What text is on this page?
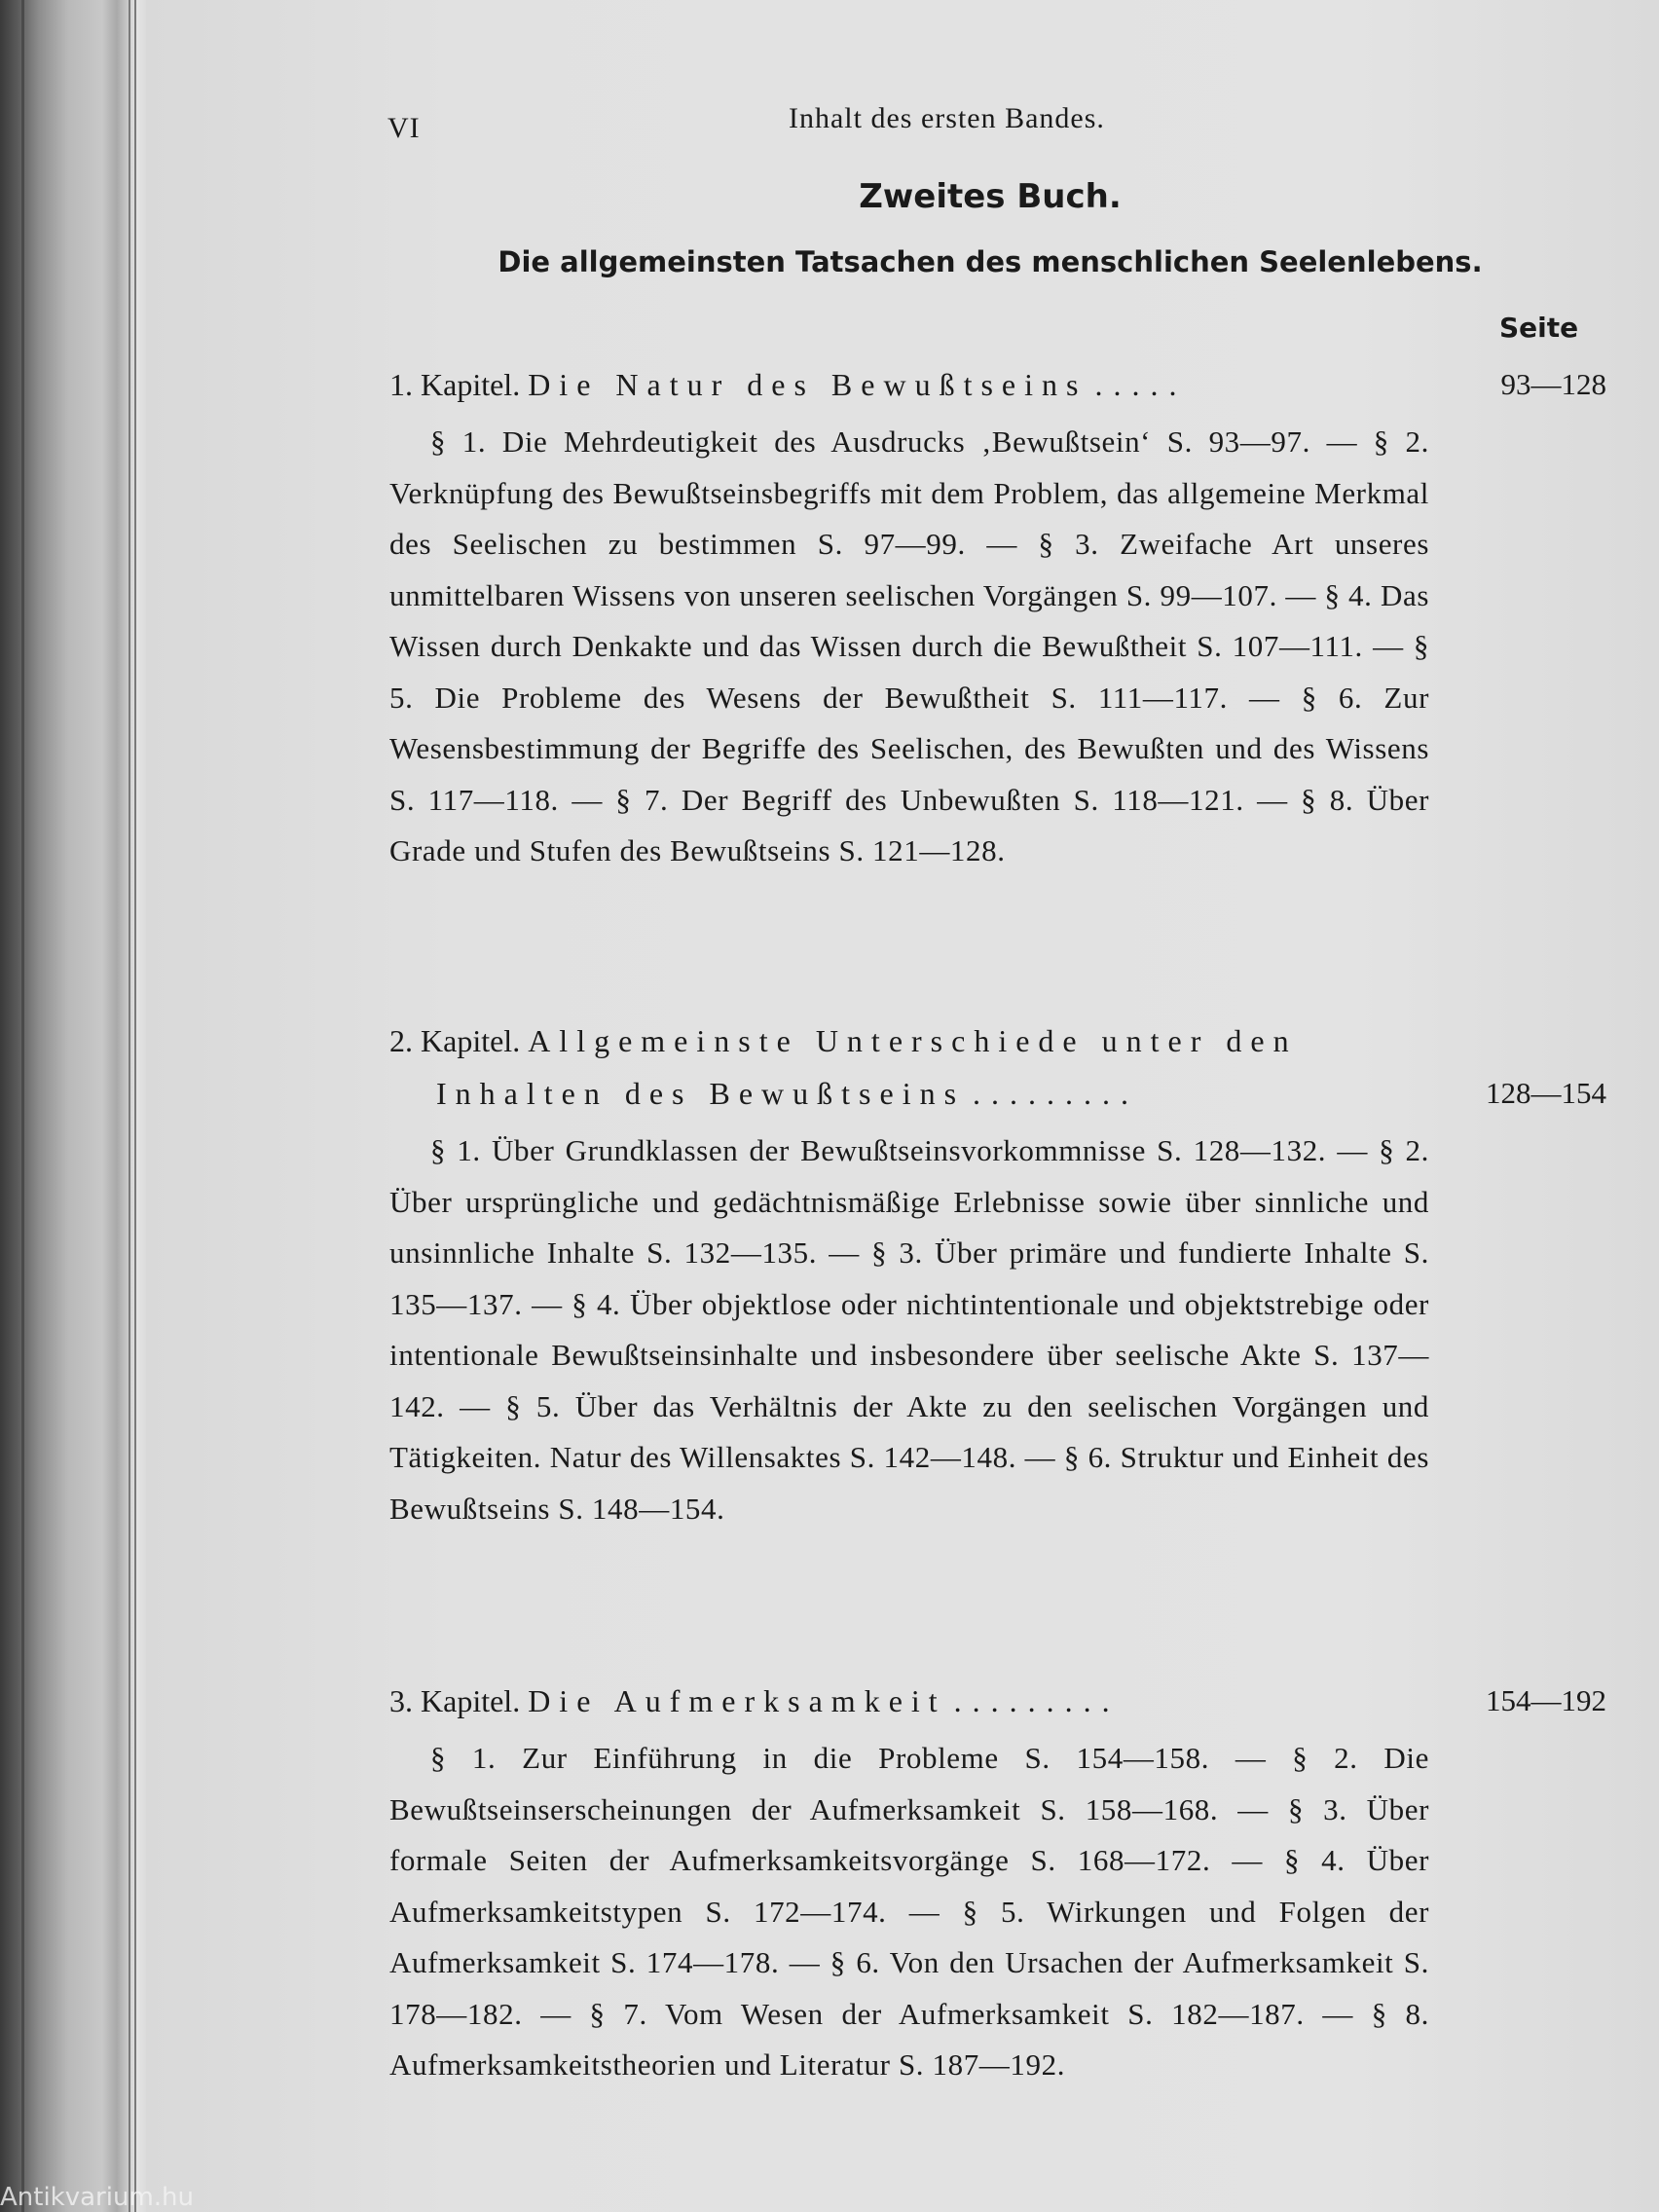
VI	Inhalt des ersten Bandes.
Zweites Buch.
Die allgemeinsten Tatsachen des menschlichen Seelenlebens.
Seite
1. Kapitel. Die Natur des Bewußtseins .....	93—128
§ 1. Die Mehrdeutigkeit des Ausdrucks ‚Bewußtsein‘ S. 93—97. — § 2. Verknüpfung des Bewußtseinsbegriffs mit dem Problem, das allgemeine Merkmal des Seelischen zu bestimmen S. 97—99. — § 3. Zweifache Art unseres unmittelbaren Wissens von unseren seelischen Vorgängen S. 99—107. — § 4. Das Wissen durch Denkakte und das Wissen durch die Bewußtheit S. 107—111. — § 5. Die Probleme des Wesens der Bewußtheit S. 111—117. — § 6. Zur Wesensbestimmung der Begriffe des Seelischen, des Bewußten und des Wissens S. 117—118. — § 7. Der Begriff des Unbewußten S. 118—121. — § 8. Über Grade und Stufen des Bewußtseins S. 121—128.
2. Kapitel. Allgemeinste Unterschiede unter den
Inhalten des Bewußtseins .........	128—154
§ 1. Über Grundklassen der Bewußtseinsvorkommnisse S. 128—132. — § 2. Über ursprüngliche und gedächtnismäßige Erlebnisse sowie über sinnliche und unsinnliche Inhalte S. 132—135. — § 3. Über primäre und fundierte Inhalte S. 135—137. — § 4. Über objektlose oder nichtintentionale und objektstrebige oder intentionale Bewußtseinsinhalte und insbesondere über seelische Akte S. 137—142. — § 5. Über das Verhältnis der Akte zu den seelischen Vorgängen und Tätigkeiten. Natur des Willensaktes S. 142—148. — § 6. Struktur und Einheit des Bewußtseins S. 148—154.
3. Kapitel. Die Aufmerksamkeit .........	154—192
§ 1. Zur Einführung in die Probleme S. 154—158. — § 2. Die Bewußtseinserscheinungen der Aufmerksamkeit S. 158—168. — § 3. Über formale Seiten der Aufmerksamkeitsvorgänge S. 168—172. — § 4. Über Aufmerksamkeitstypen S. 172—174. — § 5. Wirkungen und Folgen der Aufmerksamkeit S. 174—178. — § 6. Von den Ursachen der Aufmerksamkeit S. 178—182. — § 7. Vom Wesen der Aufmerksamkeit S. 182—187. — § 8. Aufmerksamkeitstheorien und Literatur S. 187—192.
Antikvarium.hu
